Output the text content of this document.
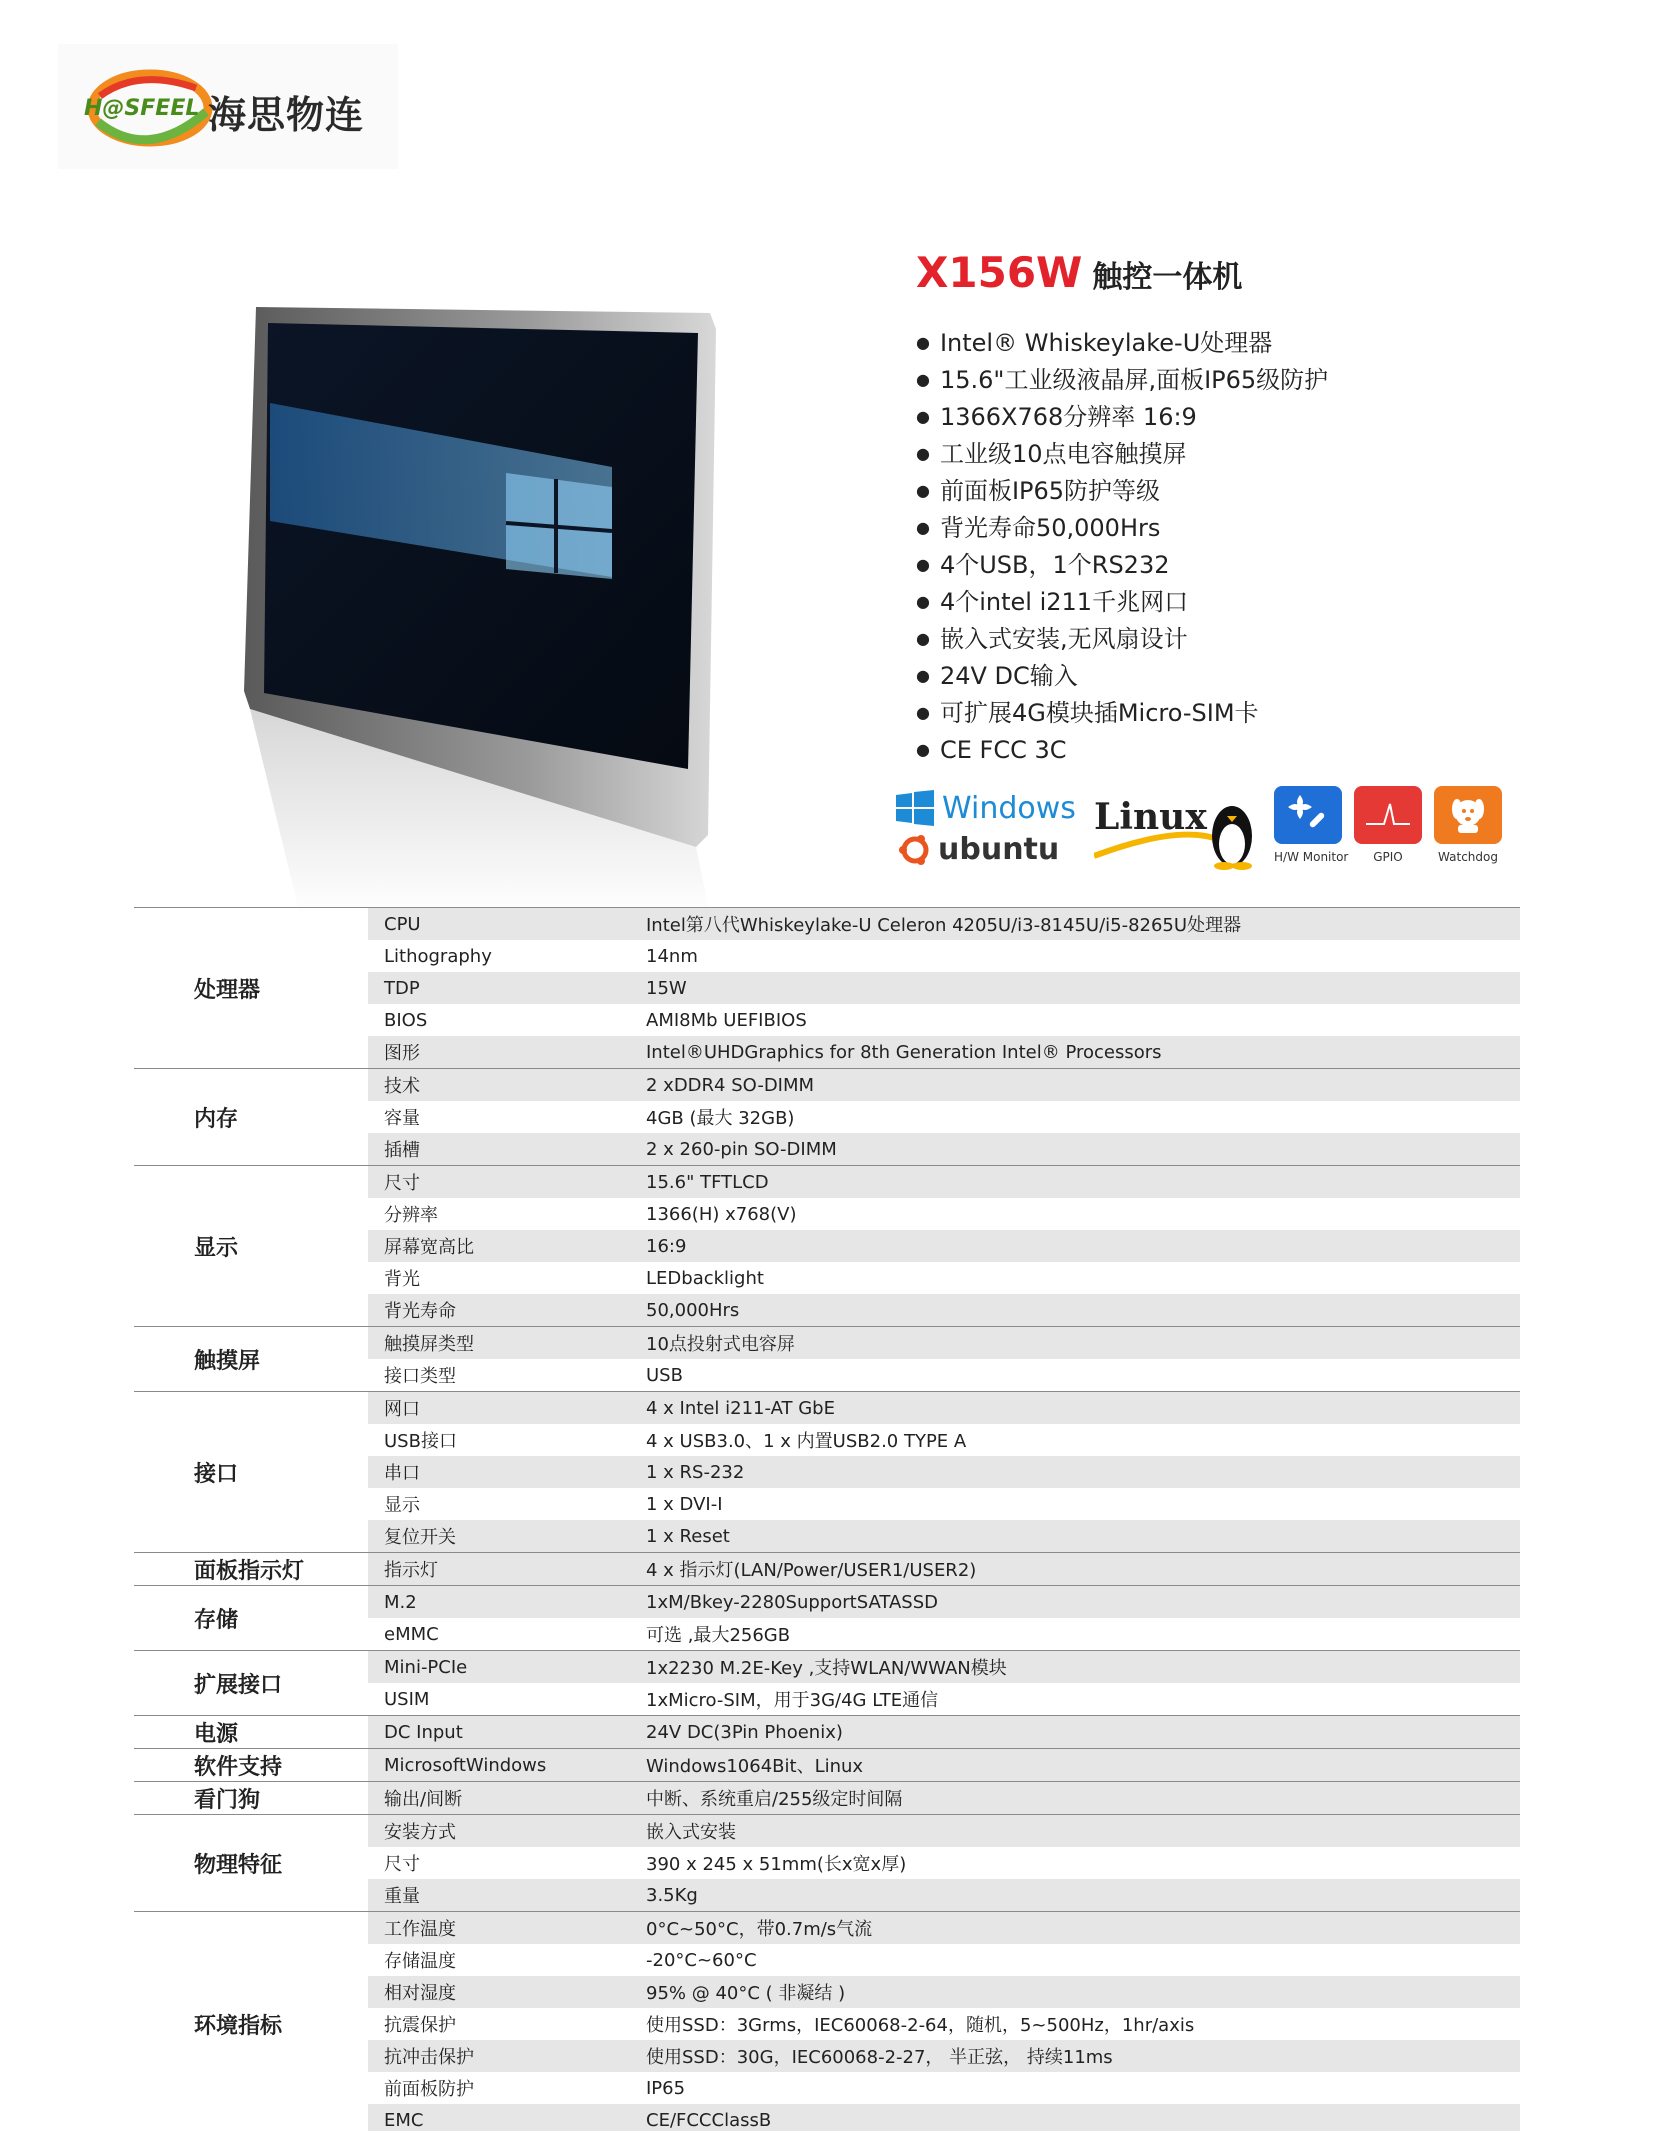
海思物连
H@SFEEL
X156W 触控一体机
● Intel® Whiskeylake-U处理器
● 15.6"工业级液晶屏,面板IP65级防护
● 1366X768分辨率 16:9
● 工业级10点电容触摸屏
● 前面板IP65防护等级
● 背光寿命50,000Hrs
● 4个USB，1个RS232
● 4个intel i211千兆网口
● 嵌入式安装,无风扇设计
● 24V DC输入
● 可扩展4G模块插Micro-SIM卡
● CE FCC 3C
Windows
ubuntu
Linux
H/W Monitor	GPIO	Watchdog
处理器
CPU	Intel第八代Whiskeylake-U Celeron 4205U/i3-8145U/i5-8265U处理器
Lithography	14nm
TDP	15W
BIOS	AMI8Mb UEFIBIOS
图形	Intel®UHDGraphics for 8th Generation Intel® Processors
内存
技术	2 xDDR4 SO-DIMM
容量	4GB (最大 32GB)
插槽	2 x 260-pin SO-DIMM
显示
尺寸	15.6" TFTLCD
分辨率	1366(H) x768(V)
屏幕宽高比	16:9
背光	LEDbacklight
背光寿命	50,000Hrs
触摸屏
触摸屏类型	10点投射式电容屏
接口类型	USB
接口
网口	4 x Intel i211-AT GbE
USB接口	4 x USB3.0、1 x 内置USB2.0 TYPE A
串口	1 x RS-232
显示	1 x DVI-I
复位开关	1 x Reset
面板指示灯	指示灯	4 x 指示灯(LAN/Power/USER1/USER2)
存储
M.2	1xM/Bkey-2280SupportSATASSD
eMMC	可选 ,最大256GB
扩展接口
Mini-PCIe	1x2230 M.2E-Key ,支持WLAN/WWAN模块
USIM	1xMicro-SIM，用于3G/4G LTE通信
电源	DC Input	24V DC(3Pin Phoenix)
软件支持	MicrosoftWindows	Windows1064Bit、Linux
看门狗	输出/间断	中断、系统重启/255级定时间隔
物理特征
安装方式	嵌入式安装
尺寸	390 x 245 x 51mm(长x宽x厚)
重量	3.5Kg
环境指标
工作温度	0°C~50°C，带0.7m/s气流
存储温度	-20°C~60°C
相对湿度	95% @ 40°C ( 非凝结 )
抗震保护	使用SSD：3Grms，IEC60068-2-64，随机，5~500Hz，1hr/axis
抗冲击保护	使用SSD：30G，IEC60068-2-27， 半正弦， 持续11ms
前面板防护	IP65
EMC	CE/FCCClassB
